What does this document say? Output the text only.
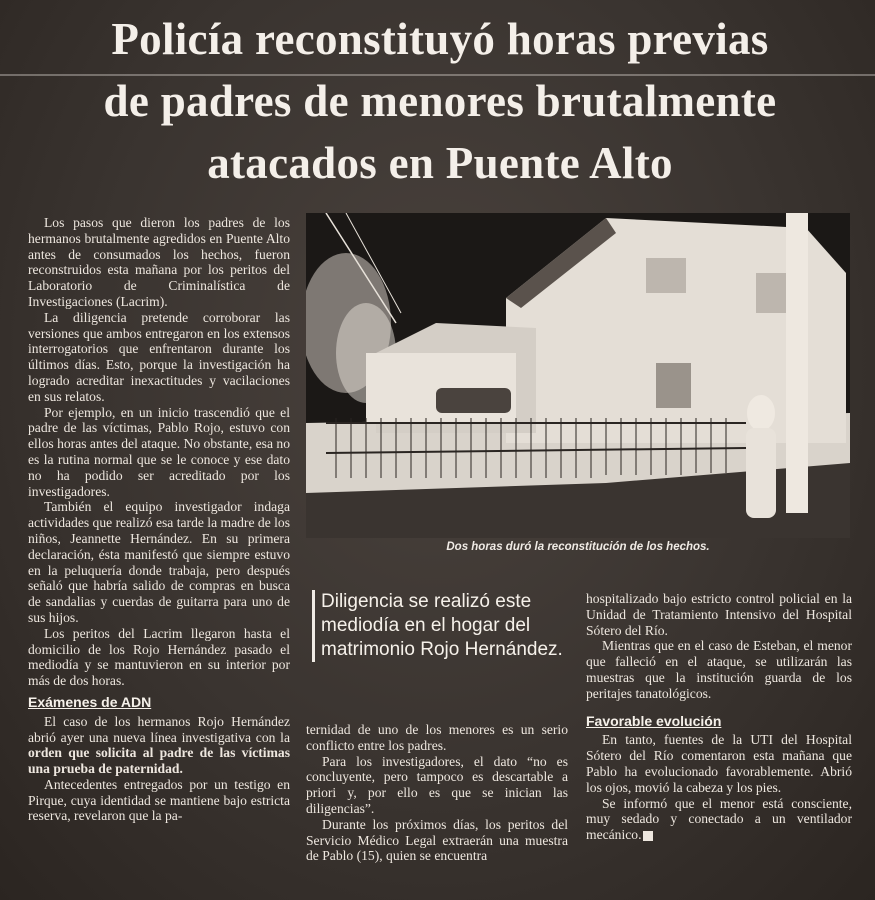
Policía reconstituyó horas previas
de padres de menores brutalmente
atacados en Puente Alto

Los pasos que dieron los padres de los hermanos brutalmente agredidos en Puente Alto antes de consumados los hechos, fueron reconstruidos esta mañana por los peritos del Laboratorio de Criminalística de Investigaciones (Lacrim).

La diligencia pretende corroborar las versiones que ambos entregaron en los extensos interrogatorios que enfrentaron durante los últimos días. Esto, porque la investigación ha logrado acreditar inexactitudes y vacilaciones en sus relatos.

Por ejemplo, en un inicio trascendió que el padre de las víctimas, Pablo Rojo, estuvo con ellos horas antes del ataque. No obstante, esa no es la rutina normal que se le conoce y ese dato no ha podido ser acreditado por los investigadores.

También el equipo investigador indaga actividades que realizó esa tarde la madre de los niños, Jeannette Hernández. En su primera declaración, ésta manifestó que siempre estuvo en la peluquería donde trabaja, pero después señaló que habría salido de compras en busca de sandalias y cuerdas de guitarra para uno de sus hijos.

Los peritos del Lacrim llegaron hasta el domicilio de los Rojo Hernández pasado el mediodía y se mantuvieron en su interior por más de dos horas.

Exámenes de ADN

El caso de los hermanos Rojo Hernández abrió ayer una nueva línea investigativa con la orden que solicita al padre de las víctimas una prueba de paternidad.

Antecedentes entregados por un testigo en Pirque, cuya identidad se mantiene bajo estricta reserva, revelaron que la pa-

Dos horas duró la reconstitución de los hechos.
Diligencia se realizó este mediodía en el hogar del matrimonio Rojo Hernández.

ternidad de uno de los menores es un serio conflicto entre los padres.

Para los investigadores, el dato “no es concluyente, pero tampoco es descartable a priori y, por ello es que se inician las diligencias”.

Durante los próximos días, los peritos del Servicio Médico Legal extraerán una muestra de Pablo (15), quien se encuentra

hospitalizado bajo estricto control policial en la Unidad de Tratamiento Intensivo del Hospital Sótero del Río.

Mientras que en el caso de Esteban, el menor que falleció en el ataque, se utilizarán las muestras que la institución guarda de los peritajes tanatológicos.

Favorable evolución

En tanto, fuentes de la UTI del Hospital Sótero del Río comentaron esta mañana que Pablo ha evolucionado favorablemente. Abrió los ojos, movió la cabeza y los pies.

Se informó que el menor está consciente, muy sedado y conectado a un ventilador mecánico.
